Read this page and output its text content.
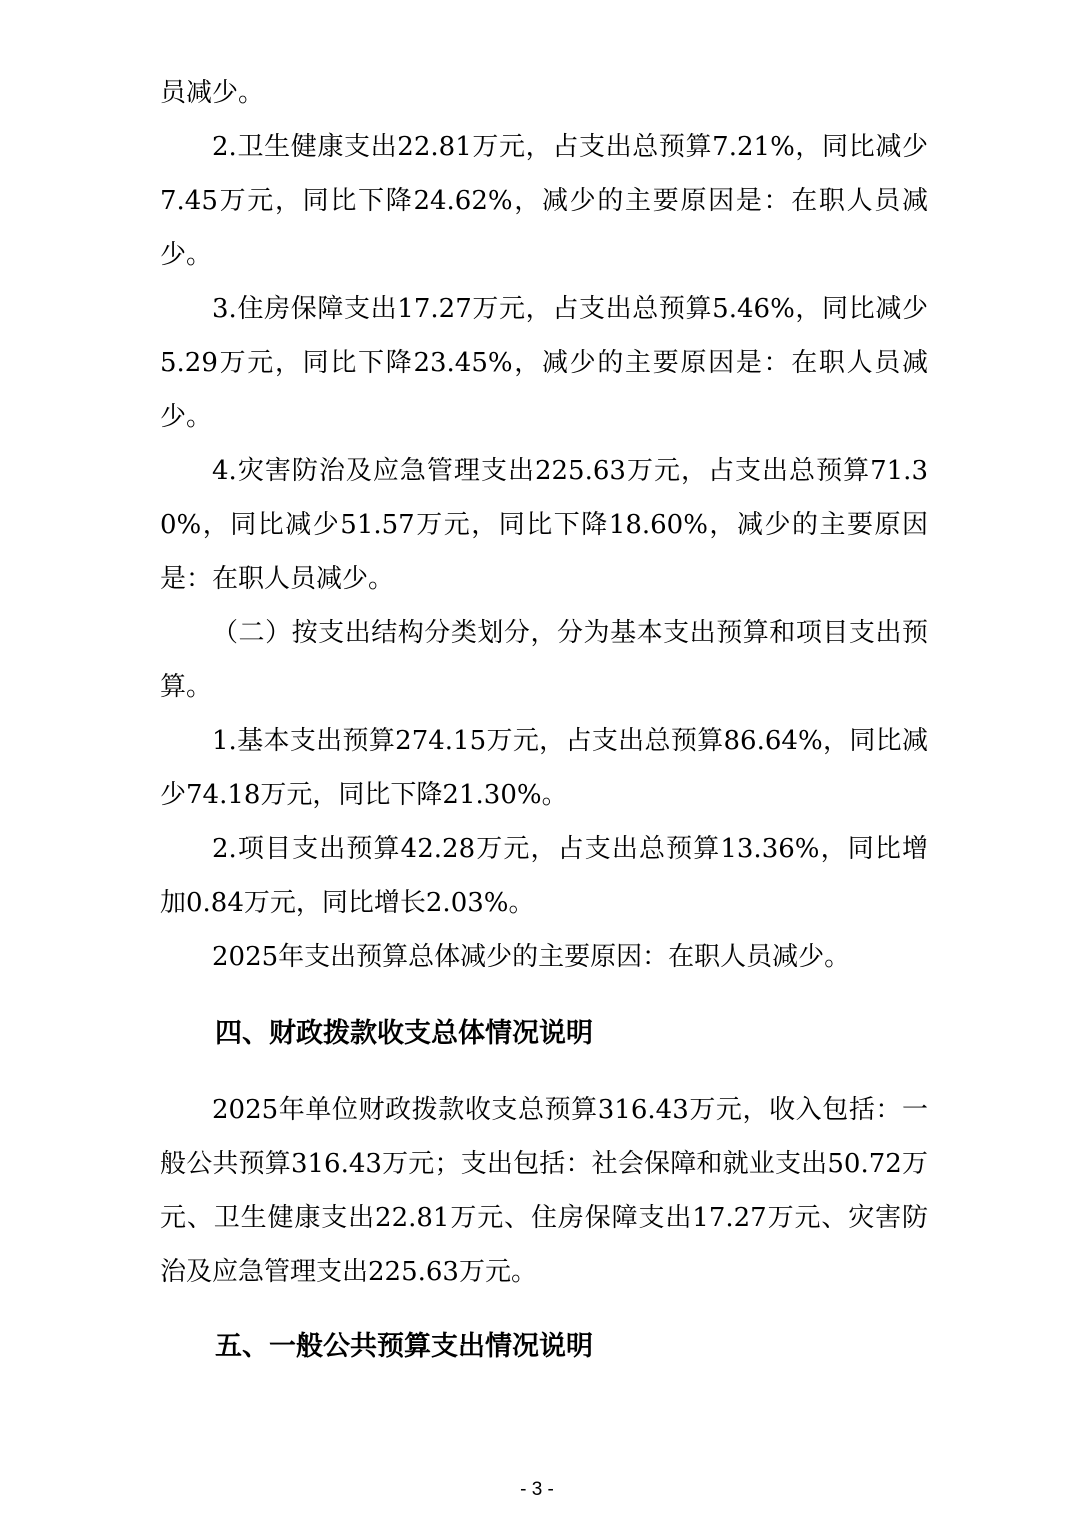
员减少。

2.卫生健康支出22.81万元，占支出总预算7.21%，同比减少7.45万元，同比下降24.62%，减少的主要原因是：在职人员减少。

3.住房保障支出17.27万元，占支出总预算5.46%，同比减少5.29万元，同比下降23.45%，减少的主要原因是：在职人员减少。

4.灾害防治及应急管理支出225.63万元，占支出总预算71.30%，同比减少51.57万元，同比下降18.60%，减少的主要原因是：在职人员减少。

（二）按支出结构分类划分，分为基本支出预算和项目支出预算。

1.基本支出预算274.15万元，占支出总预算86.64%，同比减少74.18万元，同比下降21.30%。

2.项目支出预算42.28万元，占支出总预算13.36%，同比增加0.84万元，同比增长2.03%。

2025年支出预算总体减少的主要原因：在职人员减少。

四、财政拨款收支总体情况说明

2025年单位财政拨款收支总预算316.43万元，收入包括：一般公共预算316.43万元；支出包括：社会保障和就业支出50.72万元、卫生健康支出22.81万元、住房保障支出17.27万元、灾害防治及应急管理支出225.63万元。

五、一般公共预算支出情况说明
- 3 -
